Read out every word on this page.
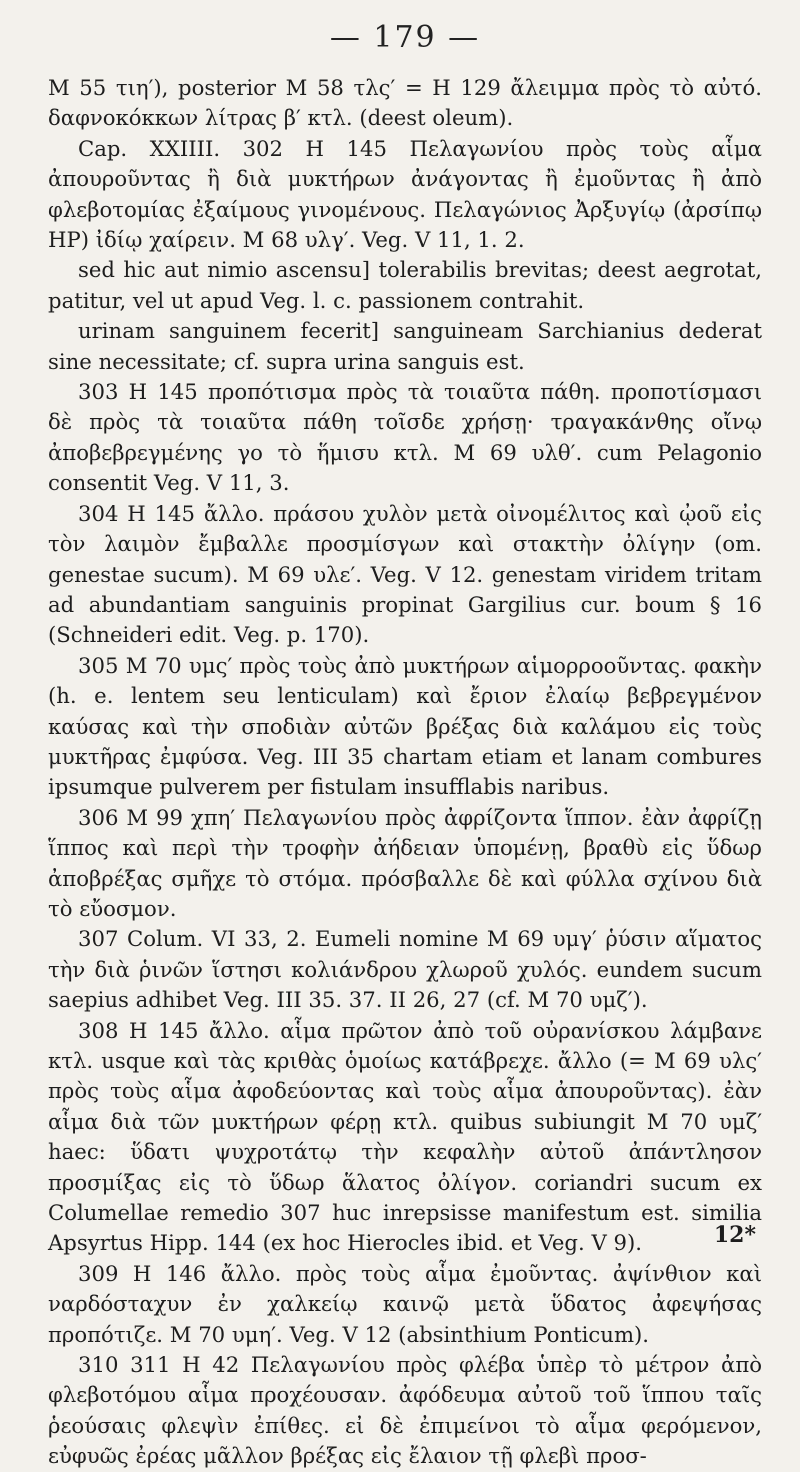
— 179 —

M 55 τιη′), posterior M 58 τλς′ = H 129 ἄλειμμα πρὸς τὸ αὐτό. δαφνοκόκκων λίτρας β′ κτλ. (deest oleum).

Cap. XXIIII. 302 H 145 Πελαγωνίου πρὸς τοὺς αἷμα ἀπουροῦντας ἢ διὰ μυκτήρων ἀνάγοντας ἢ ἐμοῦντας ἢ ἀπὸ φλεβοτομίας ἐξαίμους γινομένους. Πελαγώνιος Ἀρξυγίῳ (ἀρσίπῳ HP) ἰδίῳ χαίρειν. M 68 υλγ′. Veg. V 11, 1. 2.

sed hic aut nimio ascensu] tolerabilis brevitas; deest aegrotat, patitur, vel ut apud Veg. l. c. passionem contrahit.

urinam sanguinem fecerit] sanguineam Sarchianius dederat sine necessitate; cf. supra urina sanguis est.

303 H 145 προπότισμα πρὸς τὰ τοιαῦτα πάθη. προποτίσμασι δὲ πρὸς τὰ τοιαῦτα πάθη τοῖσδε χρήσῃ· τραγακάνθης οἴνῳ ἀποβεβρεγμένης γο τὸ ἥμισυ κτλ. M 69 υλθ′. cum Pelagonio consentit Veg. V 11, 3.

304 H 145 ἄλλο. πράσου χυλὸν μετὰ οἰνομέλιτος καὶ ᾠοῦ εἰς τὸν λαιμὸν ἔμβαλλε προσμίσγων καὶ στακτὴν ὀλίγην (om. genestae sucum). M 69 υλε′. Veg. V 12. genestam viridem tritam ad abundantiam sanguinis propinat Gargilius cur. boum § 16 (Schneideri edit. Veg. p. 170).

305 M 70 υμς′ πρὸς τοὺς ἀπὸ μυκτήρων αἱμορροοῦντας. φακὴν (h. e. lentem seu lenticulam) καὶ ἔριον ἐλαίῳ βεβρεγμένον καύσας καὶ τὴν σποδιὰν αὐτῶν βρέξας διὰ καλάμου εἰς τοὺς μυκτῆρας ἐμφύσα. Veg. III 35 chartam etiam et lanam combures ipsumque pulverem per fistulam insufflabis naribus.

306 M 99 χπη′ Πελαγωνίου πρὸς ἀφρίζοντα ἵππον. ἐὰν ἀφρίζῃ ἵππος καὶ περὶ τὴν τροφὴν ἀήδειαν ὑπομένῃ, βραθὺ εἰς ὕδωρ ἀποβρέξας σμῆχε τὸ στόμα. πρόσβαλλε δὲ καὶ φύλλα σχίνου διὰ τὸ εὔοσμον.

307 Colum. VI 33, 2. Eumeli nomine M 69 υμγ′ ῥύσιν αἵματος τὴν διὰ ῥινῶν ἵστησι κολιάνδρου χλωροῦ χυλός. eundem sucum saepius adhibet Veg. III 35. 37. II 26, 27 (cf. M 70 υμζ′).

308 H 145 ἄλλο. αἷμα πρῶτον ἀπὸ τοῦ οὐρανίσκου λάμβανε κτλ. usque καὶ τὰς κριθὰς ὁμοίως κατάβρεχε. ἄλλο (= M 69 υλς′ πρὸς τοὺς αἷμα ἀφοδεύοντας καὶ τοὺς αἷμα ἀπουροῦντας). ἐὰν αἷμα διὰ τῶν μυκτήρων φέρῃ κτλ. quibus subiungit M 70 υμζ′ haec: ὕδατι ψυχροτάτῳ τὴν κεφαλὴν αὐτοῦ ἀπάντλησον προσμίξας εἰς τὸ ὕδωρ ἅλατος ὀλίγον. coriandri sucum ex Columellae remedio 307 huc inrepsisse manifestum est. similia Apsyrtus Hipp. 144 (ex hoc Hierocles ibid. et Veg. V 9).

309 H 146 ἄλλο. πρὸς τοὺς αἷμα ἐμοῦντας. ἀψίνθιον καὶ ναρδόσταχυν ἐν χαλκείῳ καινῷ μετὰ ὕδατος ἀφεψήσας προπότιζε. M 70 υμη′. Veg. V 12 (absinthium Ponticum).

310 311 H 42 Πελαγωνίου πρὸς φλέβα ὑπὲρ τὸ μέτρον ἀπὸ φλεβοτόμου αἷμα προχέουσαν. ἀφόδευμα αὐτοῦ τοῦ ἵππου ταῖς ῥεούσαις φλεψὶν ἐπίθες. εἰ δὲ ἐπιμείνοι τὸ αἷμα φερόμενον, εὐφυῶς ἐρέας μᾶλλον βρέξας εἰς ἔλαιον τῇ φλεβὶ προσ-

12*
